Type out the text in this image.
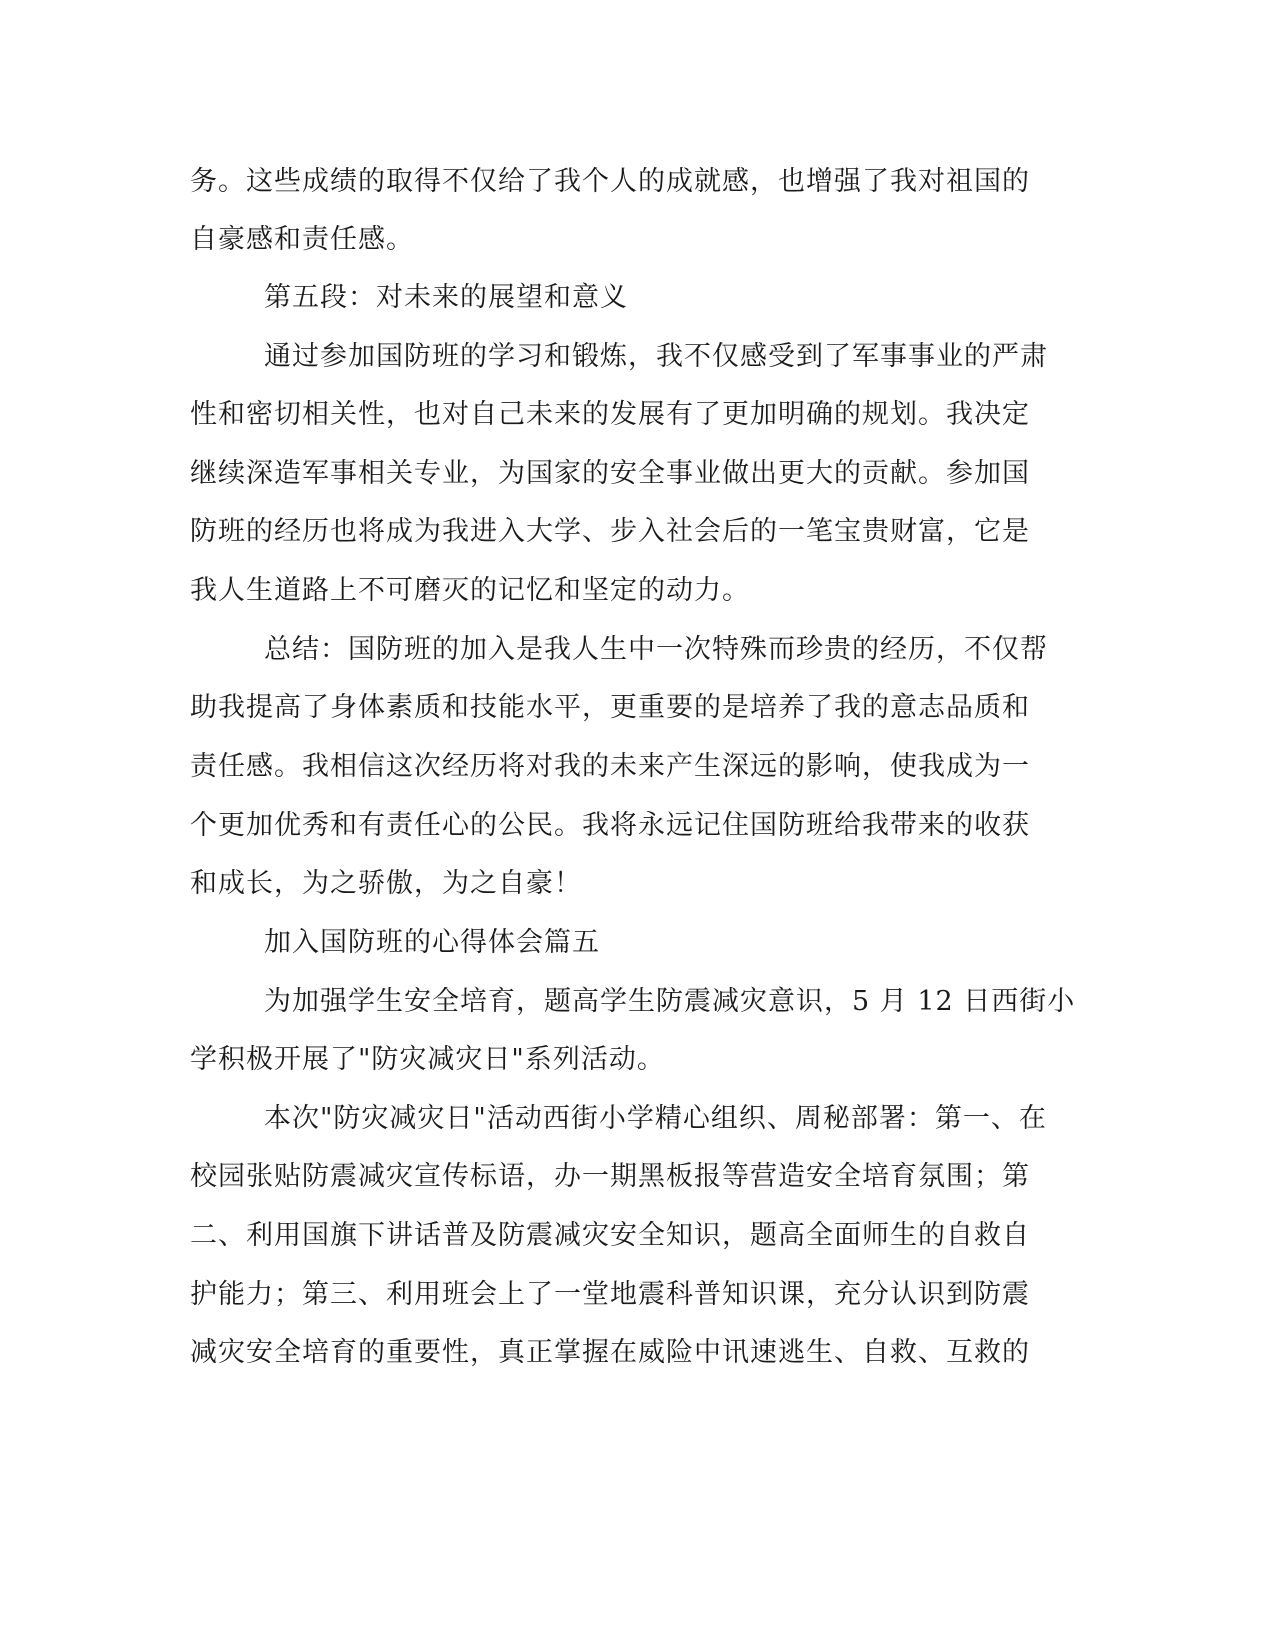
务。这些成绩的取得不仅给了我个人的成就感，也增强了我对祖国的
自豪感和责任感。
第五段：对未来的展望和意义
通过参加国防班的学习和锻炼，我不仅感受到了军事事业的严肃
性和密切相关性，也对自己未来的发展有了更加明确的规划。我决定
继续深造军事相关专业，为国家的安全事业做出更大的贡献。参加国
防班的经历也将成为我进入大学、步入社会后的一笔宝贵财富，它是
我人生道路上不可磨灭的记忆和坚定的动力。
总结：国防班的加入是我人生中一次特殊而珍贵的经历，不仅帮
助我提高了身体素质和技能水平，更重要的是培养了我的意志品质和
责任感。我相信这次经历将对我的未来产生深远的影响，使我成为一
个更加优秀和有责任心的公民。我将永远记住国防班给我带来的收获
和成长，为之骄傲，为之自豪！
加入国防班的心得体会篇五
为加强学生安全培育，题高学生防震减灾意识，5 月 12 日西街小
学积极开展了"防灾减灾日"系列活动。
本次"防灾减灾日"活动西街小学精心组织、周秘部署：第一、在
校园张贴防震减灾宣传标语，办一期黑板报等营造安全培育氛围；第
二、利用国旗下讲话普及防震减灾安全知识，题高全面师生的自救自
护能力；第三、利用班会上了一堂地震科普知识课，充分认识到防震
减灾安全培育的重要性，真正掌握在威险中讯速逃生、自救、互救的
